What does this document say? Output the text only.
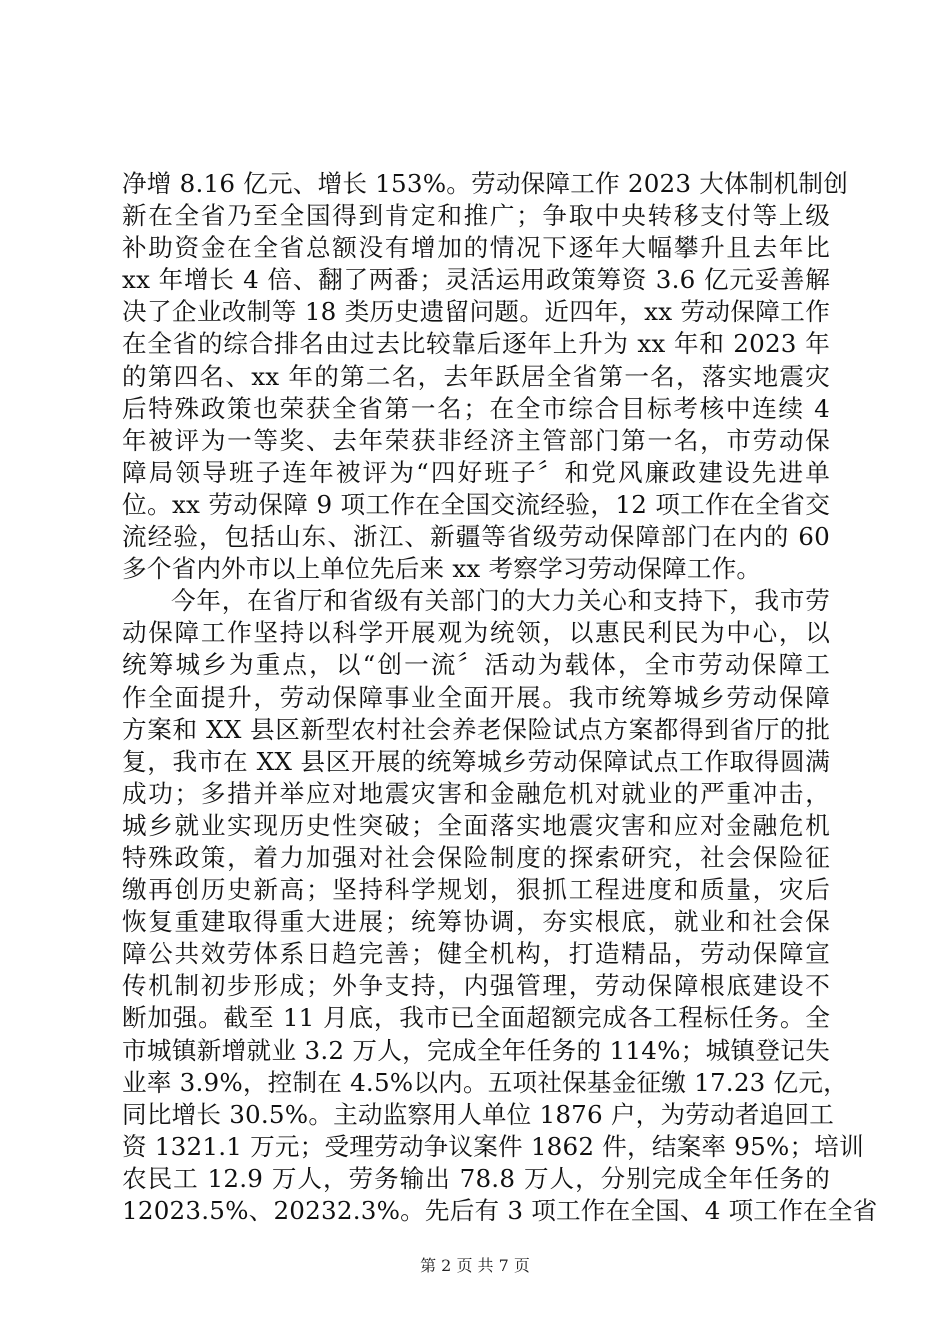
净增 8.16 亿元、增长 153%。劳动保障工作 2023 大体制机制创
新在全省乃至全国得到肯定和推广；争取中央转移支付等上级
补助资金在全省总额没有增加的情况下逐年大幅攀升且去年比
xx 年增长 4 倍、翻了两番；灵活运用政策筹资 3.6 亿元妥善解
决了企业改制等 18 类历史遗留问题。近四年，xx 劳动保障工作
在全省的综合排名由过去比较靠后逐年上升为 xx 年和 2023 年
的第四名、xx 年的第二名，去年跃居全省第一名，落实地震灾
后特殊政策也荣获全省第一名；在全市综合目标考核中连续 4
年被评为一等奖、去年荣获非经济主管部门第一名，市劳动保
障局领导班子连年被评为“四好班子〞和党风廉政建设先进单
位。xx 劳动保障 9 项工作在全国交流经验，12 项工作在全省交
流经验，包括山东、浙江、新疆等省级劳动保障部门在内的 60
多个省内外市以上单位先后来 xx 考察学习劳动保障工作。
今年，在省厅和省级有关部门的大力关心和支持下，我市劳
动保障工作坚持以科学开展观为统领，以惠民利民为中心，以
统筹城乡为重点，以“创一流〞活动为载体，全市劳动保障工
作全面提升，劳动保障事业全面开展。我市统筹城乡劳动保障
方案和 XX 县区新型农村社会养老保险试点方案都得到省厅的批
复，我市在 XX 县区开展的统筹城乡劳动保障试点工作取得圆满
成功；多措并举应对地震灾害和金融危机对就业的严重冲击，
城乡就业实现历史性突破；全面落实地震灾害和应对金融危机
特殊政策，着力加强对社会保险制度的探索研究，社会保险征
缴再创历史新高；坚持科学规划，狠抓工程进度和质量，灾后
恢复重建取得重大进展；统筹协调，夯实根底，就业和社会保
障公共效劳体系日趋完善；健全机构，打造精品，劳动保障宣
传机制初步形成；外争支持，内强管理，劳动保障根底建设不
断加强。截至 11 月底，我市已全面超额完成各工程标任务。全
市城镇新增就业 3.2 万人，完成全年任务的 114%；城镇登记失
业率 3.9%，控制在 4.5%以内。五项社保基金征缴 17.23 亿元，
同比增长 30.5%。主动监察用人单位 1876 户，为劳动者追回工
资 1321.1 万元；受理劳动争议案件 1862 件，结案率 95%；培训
农民工 12.9 万人，劳务输出 78.8 万人，分别完成全年任务的
12023.5%、20232.3%。先后有 3 项工作在全国、4 项工作在全省
第 2 页 共 7 页
